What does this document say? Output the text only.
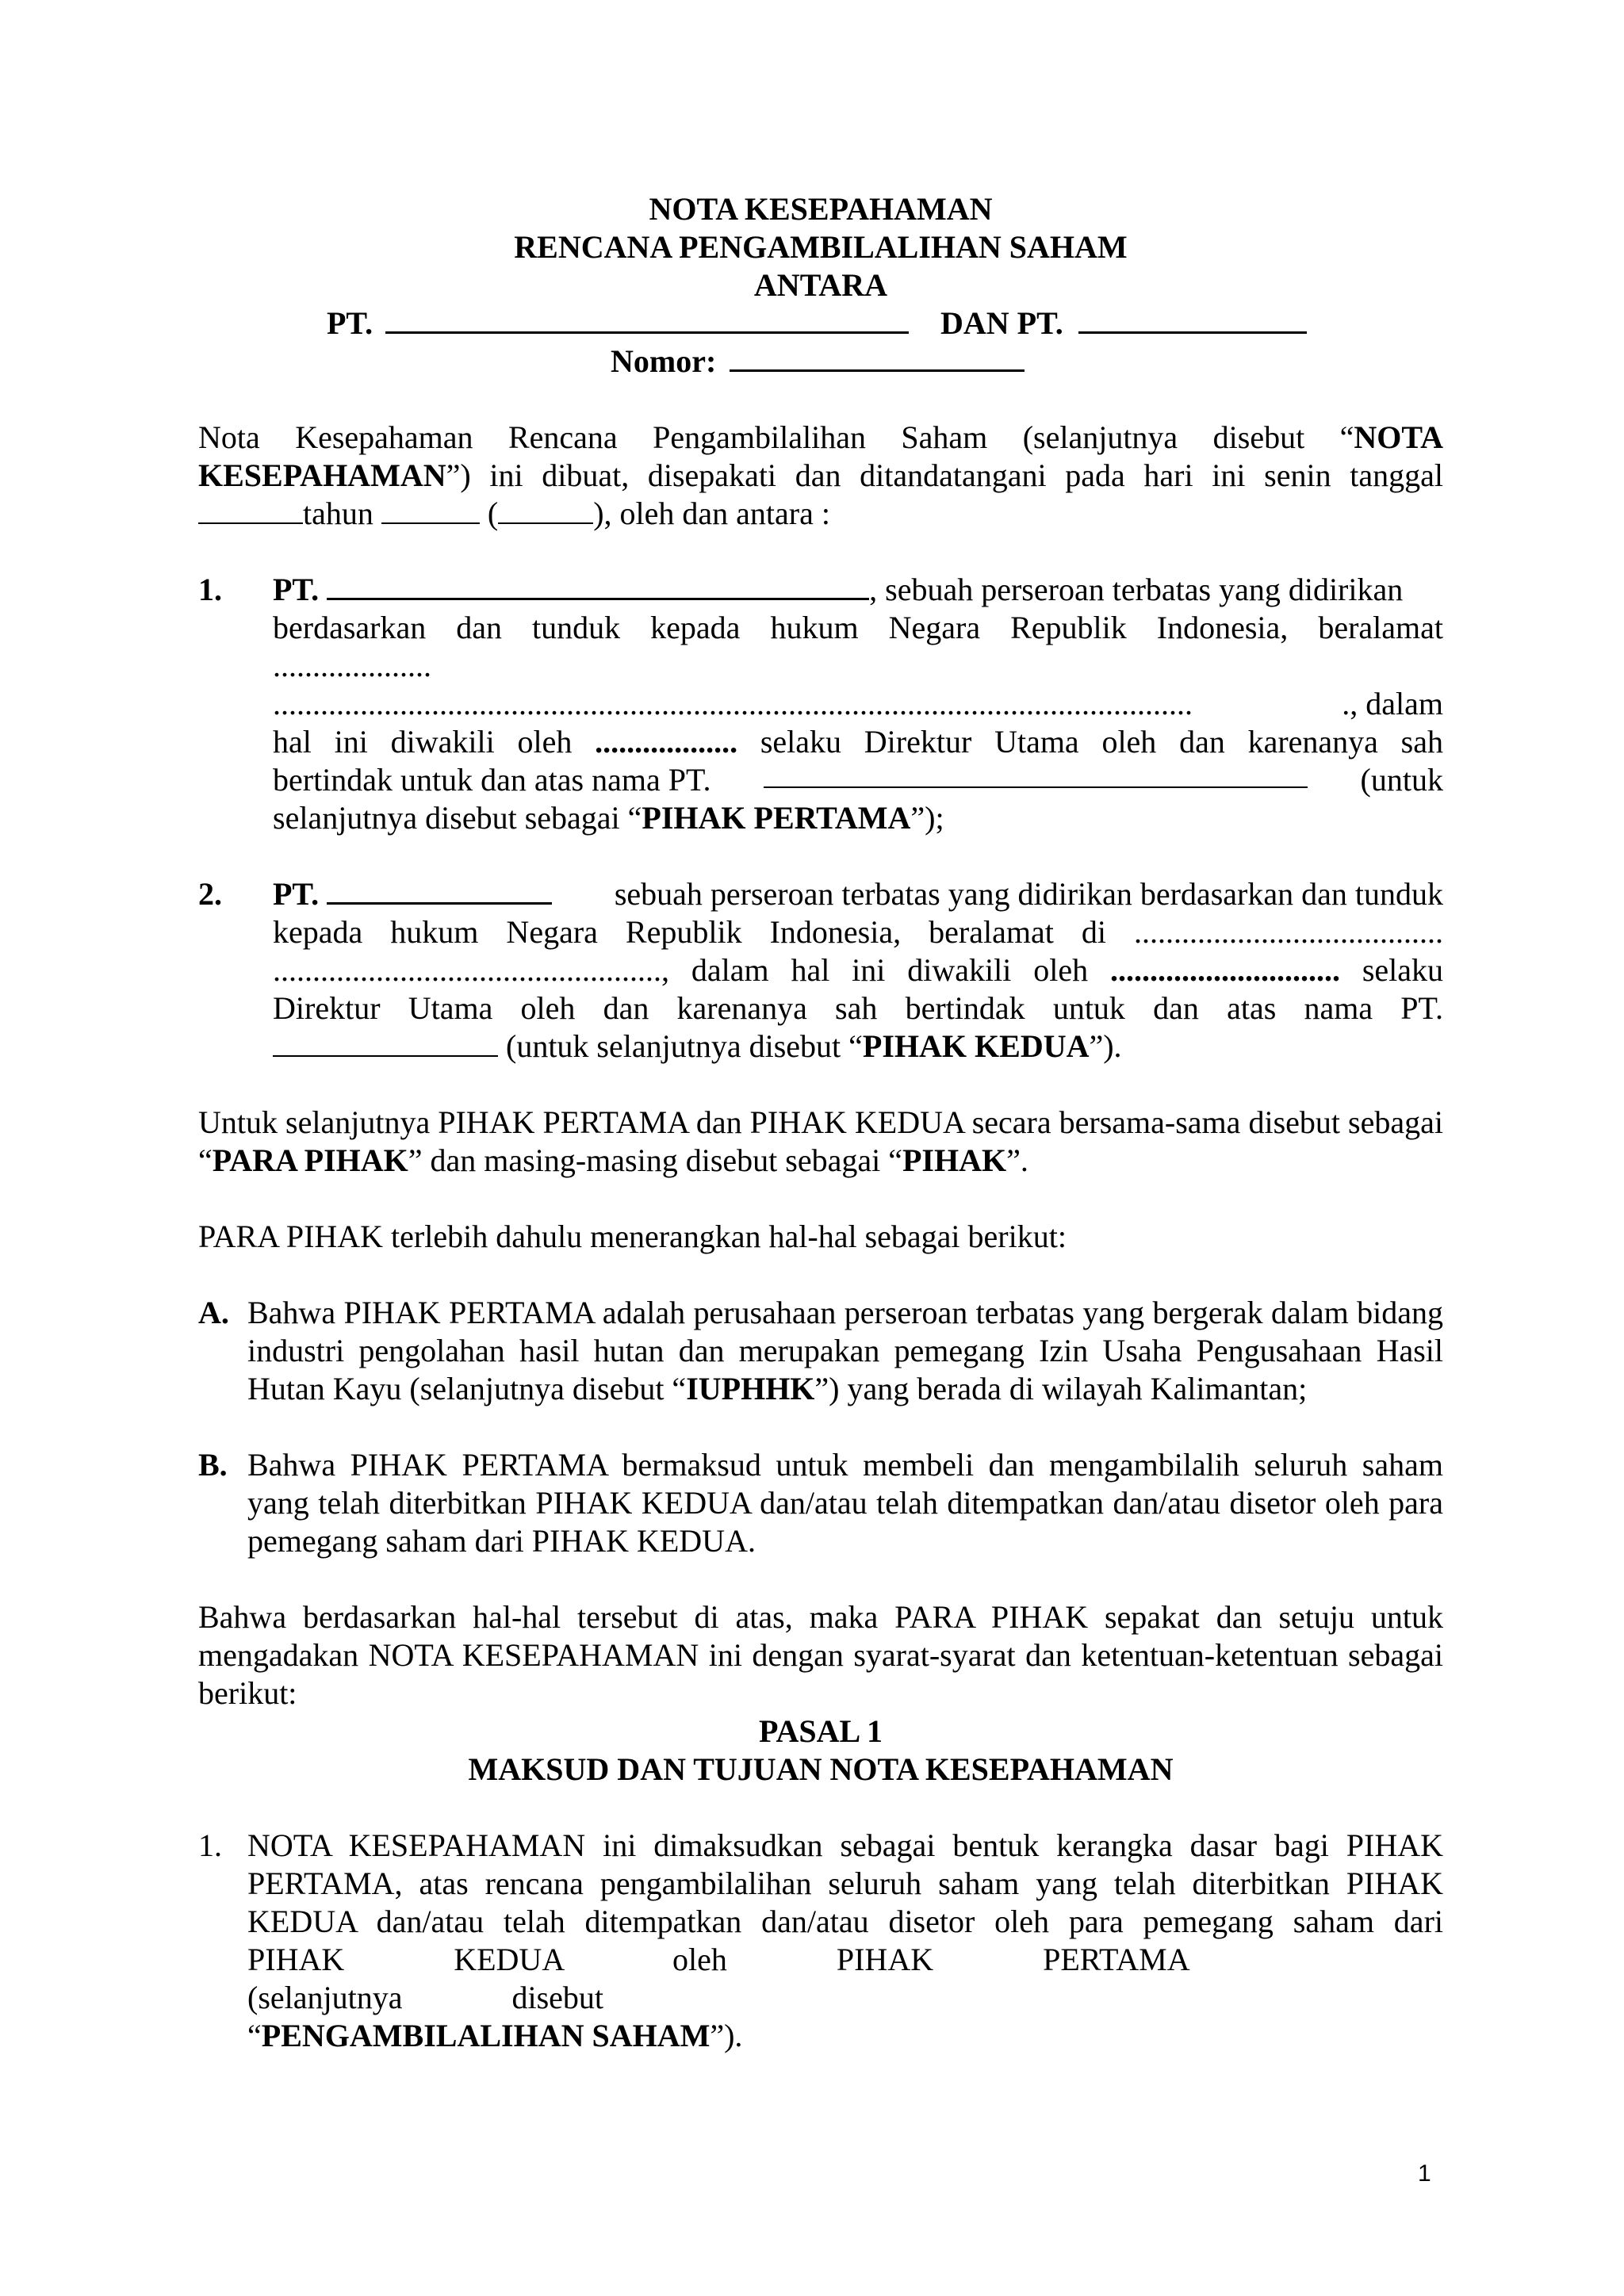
NOTA KESEPAHAMAN
RENCANA PENGAMBILALIHAN SAHAM
ANTARA
PT.	DAN PT.
Nomor:

Nota Kesepahaman Rencana Pengambilalihan Saham (selanjutnya disebut “NOTA KESEPAHAMAN”) ini dibuat, disepakati dan ditandatangani pada hari ini senin tanggal tahun	(	), oleh dan antara :

1. PT.	, sebuah perseroan terbatas yang didirikan
berdasarkan dan tunduk kepada hukum Negara Republik Indonesia, beralamat
....................
....................................................................................................................	., dalam
hal ini diwakili oleh .................. selaku Direktur Utama oleh dan karenanya sah
bertindak untuk dan atas nama PT.	(untuk
selanjutnya disebut sebagai “PIHAK PERTAMA”);
2. PT.	sebuah perseroan terbatas yang didirikan berdasarkan dan tunduk
kepada hukum Negara Republik Indonesia, beralamat di .......................................
................................................., dalam hal ini diwakili oleh ............................. selaku
Direktur Utama oleh dan karenanya sah bertindak untuk dan atas nama PT.
(untuk selanjutnya disebut “PIHAK KEDUA”).

Untuk selanjutnya PIHAK PERTAMA dan PIHAK KEDUA secara bersama-sama disebut sebagai “PARA PIHAK” dan masing-masing disebut sebagai “PIHAK”.

PARA PIHAK terlebih dahulu menerangkan hal-hal sebagai berikut:

A. Bahwa PIHAK PERTAMA adalah perusahaan perseroan terbatas yang bergerak dalam bidang industri pengolahan hasil hutan dan merupakan pemegang Izin Usaha Pengusahaan Hasil Hutan Kayu (selanjutnya disebut “IUPHHK”) yang berada di wilayah Kalimantan;

B. Bahwa PIHAK PERTAMA bermaksud untuk membeli dan mengambilalih seluruh saham yang telah diterbitkan PIHAK KEDUA dan/atau telah ditempatkan dan/atau disetor oleh para pemegang saham dari PIHAK KEDUA.

Bahwa berdasarkan hal-hal tersebut di atas, maka PARA PIHAK sepakat dan setuju untuk mengadakan NOTA KESEPAHAMAN ini dengan syarat-syarat dan ketentuan-ketentuan sebagai berikut:

PASAL 1
MAKSUD DAN TUJUAN NOTA KESEPAHAMAN
1. NOTA KESEPAHAMAN ini dimaksudkan sebagai bentuk kerangka dasar bagi PIHAK
PERTAMA, atas rencana pengambilalihan seluruh saham yang telah diterbitkan PIHAK
KEDUA dan/atau telah ditempatkan dan/atau disetor oleh para pemegang saham dari
PIHAK KEDUA oleh PIHAK PERTAMA (selanjutnya disebut
“PENGAMBILALIHAN SAHAM”).
1
